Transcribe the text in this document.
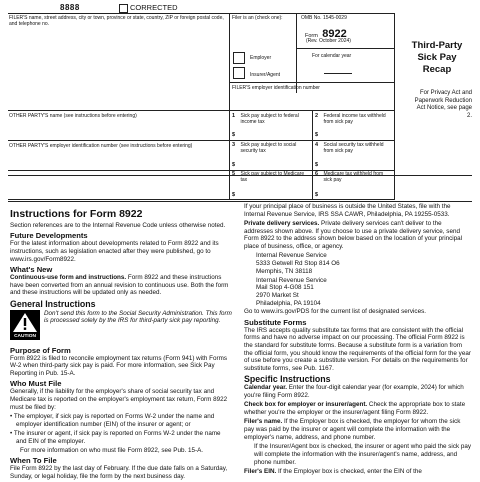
8888	CORRECTED
FILER'S name, street address, city or town, province or state, country, ZIP or foreign postal code, and telephone no.
Filer is an (check one):
Employer
Insurer/Agent
OMB No. 1545-0029
Form 8922
(Rev. October 2024)
For calendar year
Third-Party
Sick Pay
Recap
For Privacy Act and Paperwork Reduction Act Notice, see page 2.
FILER'S employer identification number
OTHER PARTY'S name (see instructions before entering)
OTHER PARTY'S employer identification number (see instructions before entering)
1 Sick pay subject to federal income tax
$
2 Federal income tax withheld from sick pay
$
3 Sick pay subject to social security tax
$
4 Social security tax withheld from sick pay
$
5 Sick pay subject to Medicare tax
$
6 Medicare tax withheld from sick pay
$
Instructions for Form 8922

Section references are to the Internal Revenue Code unless otherwise noted.

Future Developments

For the latest information about developments related to Form 8922 and its instructions, such as legislation enacted after they were published, go to www.irs.gov/Form8922.

What's New

Continuous-use form and instructions. Form 8922 and these instructions have been converted from an annual revision to continuous use. Both the form and these instructions will be updated only as needed.

General Instructions
CAUTION

Don't send this form to the Social Security Administration. This form is processed solely by the IRS for third-party sick pay reporting.

Purpose of Form

Form 8922 is filed to reconcile employment tax returns (Form 941) with Forms W-2 when third-party sick pay is paid. For more information, see Sick Pay Reporting in Pub. 15-A.

Who Must File

Generally, if the liability for the employer's share of social security tax and Medicare tax is reported on the employer's employment tax return, Form 8922 must be filed by:

• The employer, if sick pay is reported on Forms W-2 under the name and employer identification number (EIN) of the insurer or agent; or

• The insurer or agent, if sick pay is reported on Forms W-2 under the name and EIN of the employer.

For more information on who must file Form 8922, see Pub. 15-A.

When To File

File Form 8922 by the last day of February. If the due date falls on a Saturday, Sunday, or legal holiday, file the form by the next business day.

If your principal place of business is outside the United States, file with the Internal Revenue Service, IRS SSA CAWR, Philadelphia, PA 19255-0533.

Private delivery services. Private delivery services can't deliver to the addresses shown above. If you choose to use a private delivery service, send Form 8922 to the address shown below based on the location of your principal place of business, office, or agency.

Internal Revenue Service
5333 Getwell Rd Stop 814 O6
Memphis, TN 38118
Internal Revenue Service
Mail Stop 4-G08 151
2970 Market St
Philadelphia, PA 19104

Go to www.irs.gov/PDS for the current list of designated services.

Substitute Forms

The IRS accepts quality substitute tax forms that are consistent with the official forms and have no adverse impact on our processing. The official Form 8922 is the standard for substitute forms. Because a substitute form is a variation from the official form, you should know the requirements of the official form for the year of use before you create a substitute version. For details on the requirements for substitute forms, see Pub. 1167.

Specific Instructions

Calendar year. Enter the four-digit calendar year (for example, 2024) for which you're filing Form 8922.

Check box for employer or insurer/agent. Check the appropriate box to state whether you're the employer or the insurer/agent filing Form 8922.

Filer's name. If the Employer box is checked, the employer for whom the sick pay was paid by the insurer or agent will complete the information with the employer's name, address, and phone number.

If the Insurer/Agent box is checked, the insurer or agent who paid the sick pay will complete the information with the insurer/agent's name, address, and phone number.

Filer's EIN. If the Employer box is checked, enter the EIN of the
